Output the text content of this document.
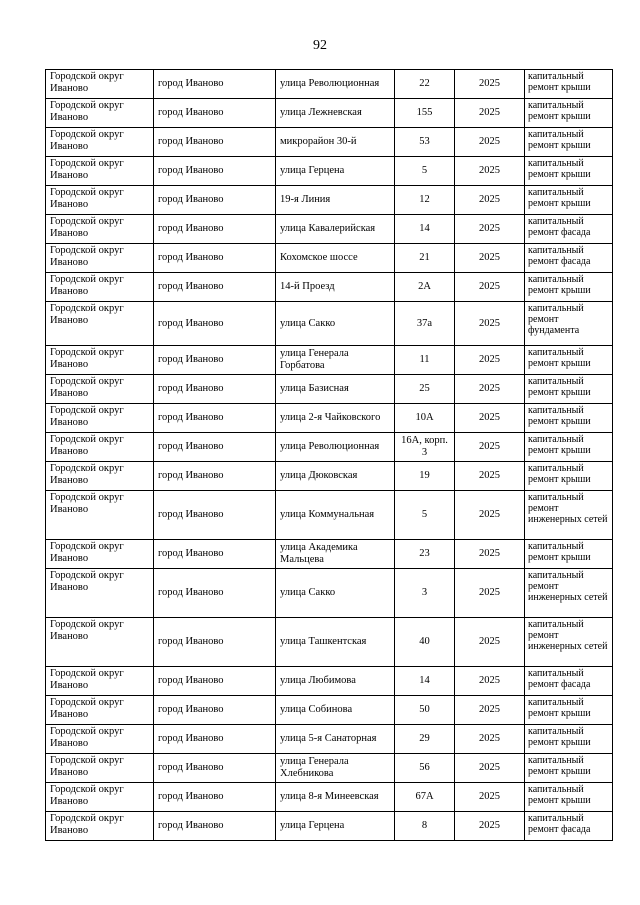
92
Городской округ Иваново	город Иваново	улица Революционная	22	2025	капитальный ремонт крыши
Городской округ Иваново	город Иваново	улица Лежневская	155	2025	капитальный ремонт крыши
Городской округ Иваново	город Иваново	микрорайон 30-й	53	2025	капитальный ремонт крыши
Городской округ Иваново	город Иваново	улица Герцена	5	2025	капитальный ремонт крыши
Городской округ Иваново	город Иваново	19-я Линия	12	2025	капитальный ремонт крыши
Городской округ Иваново	город Иваново	улица Кавалерийская	14	2025	капитальный ремонт фасада
Городской округ Иваново	город Иваново	Кохомское шоссе	21	2025	капитальный ремонт фасада
Городской округ Иваново	город Иваново	14-й Проезд	2А	2025	капитальный ремонт крыши
Городской округ Иваново	город Иваново	улица Сакко	37а	2025	капитальный ремонт фундамента
Городской округ Иваново	город Иваново	улица Генерала Горбатова	11	2025	капитальный ремонт крыши
Городской округ Иваново	город Иваново	улица Базисная	25	2025	капитальный ремонт крыши
Городской округ Иваново	город Иваново	улица 2-я Чайковского	10А	2025	капитальный ремонт крыши
Городской округ Иваново	город Иваново	улица Революционная	16А, корп. 3	2025	капитальный ремонт крыши
Городской округ Иваново	город Иваново	улица Дюковская	19	2025	капитальный ремонт крыши
Городской округ Иваново	город Иваново	улица Коммунальная	5	2025	капитальный ремонт инженерных сетей
Городской округ Иваново	город Иваново	улица Академика Мальцева	23	2025	капитальный ремонт крыши
Городской округ Иваново	город Иваново	улица Сакко	3	2025	капитальный ремонт инженерных сетей
Городской округ Иваново	город Иваново	улица Ташкентская	40	2025	капитальный ремонт инженерных сетей
Городской округ Иваново	город Иваново	улица Любимова	14	2025	капитальный ремонт фасада
Городской округ Иваново	город Иваново	улица Собинова	50	2025	капитальный ремонт крыши
Городской округ Иваново	город Иваново	улица 5-я Санаторная	29	2025	капитальный ремонт крыши
Городской округ Иваново	город Иваново	улица Генерала Хлебникова	56	2025	капитальный ремонт крыши
Городской округ Иваново	город Иваново	улица 8-я Минеевская	67А	2025	капитальный ремонт крыши
Городской округ Иваново	город Иваново	улица Герцена	8	2025	капитальный ремонт фасада
